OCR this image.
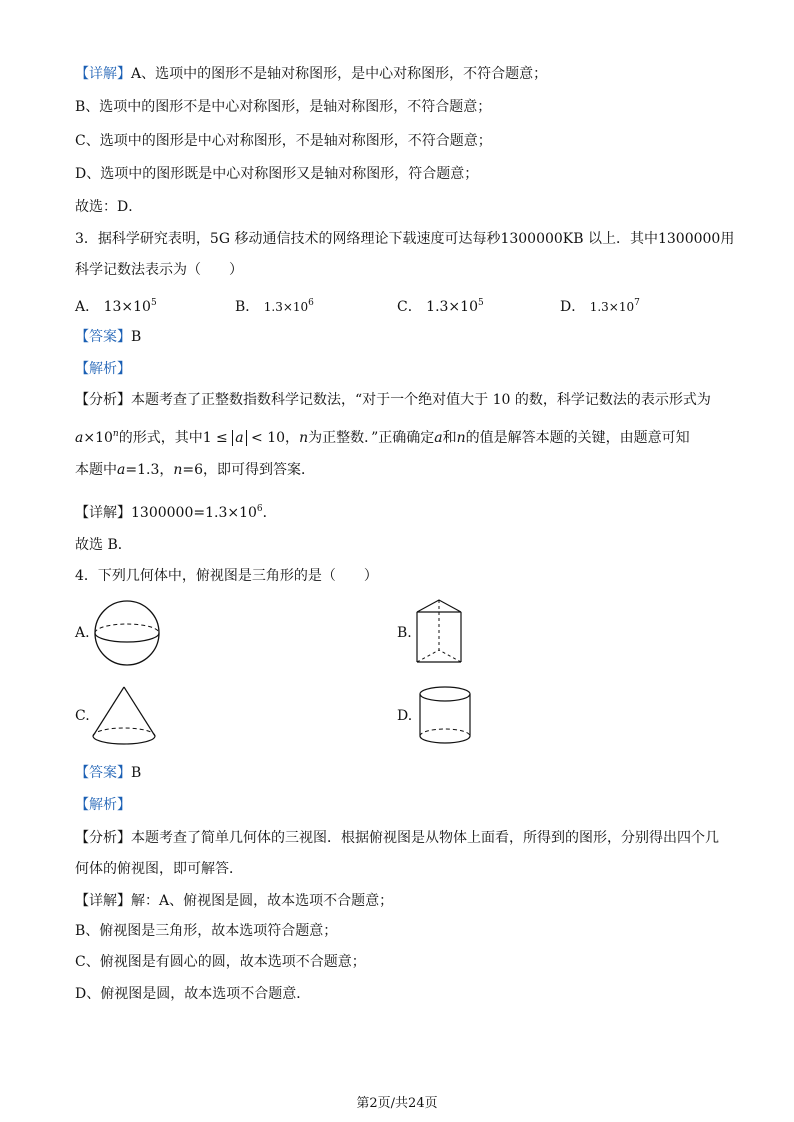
【详解】A、选项中的图形不是轴对称图形，是中心对称图形，不符合题意；
B、选项中的图形不是中心对称图形，是轴对称图形，不符合题意；
C、选项中的图形是中心对称图形，不是轴对称图形，不符合题意；
D、选项中的图形既是中心对称图形又是轴对称图形，符合题意；
故选：D．
3．据科学研究表明，5G 移动通信技术的网络理论下载速度可达每秒1300000KB 以上．其中1300000用
科学记数法表示为（　　）
A． $13\times 10^5$	B． $1.3\times 10^6$	C． $1.3\times 10^5$	D． $1.3\times 10^7$
【答案】B
【解析】
【分析】本题考查了正整数指数科学记数法，“对于一个绝对值大于 10 的数，科学记数法的表示形式为
$a\times 10^n$的形式，其中1 ≤ a < 10，n为正整数．”正确确定a和n的值是解答本题的关键，由题意可知
本题中a=1.3，n=6，即可得到答案．
【详解】$1300000=1.3\times 10^6$．
故选 B．
4．下列几何体中，俯视图是三角形的是（　　）
A.	B.
C.	D.
【答案】B
【解析】
【分析】本题考查了简单几何体的三视图．根据俯视图是从物体上面看，所得到的图形，分别得出四个几
何体的俯视图，即可解答．
【详解】解：A、俯视图是圆，故本选项不合题意；
B、俯视图是三角形，故本选项符合题意；
C、俯视图是有圆心的圆，故本选项不合题意；
D、俯视图是圆，故本选项不合题意．
第2页/共24页
